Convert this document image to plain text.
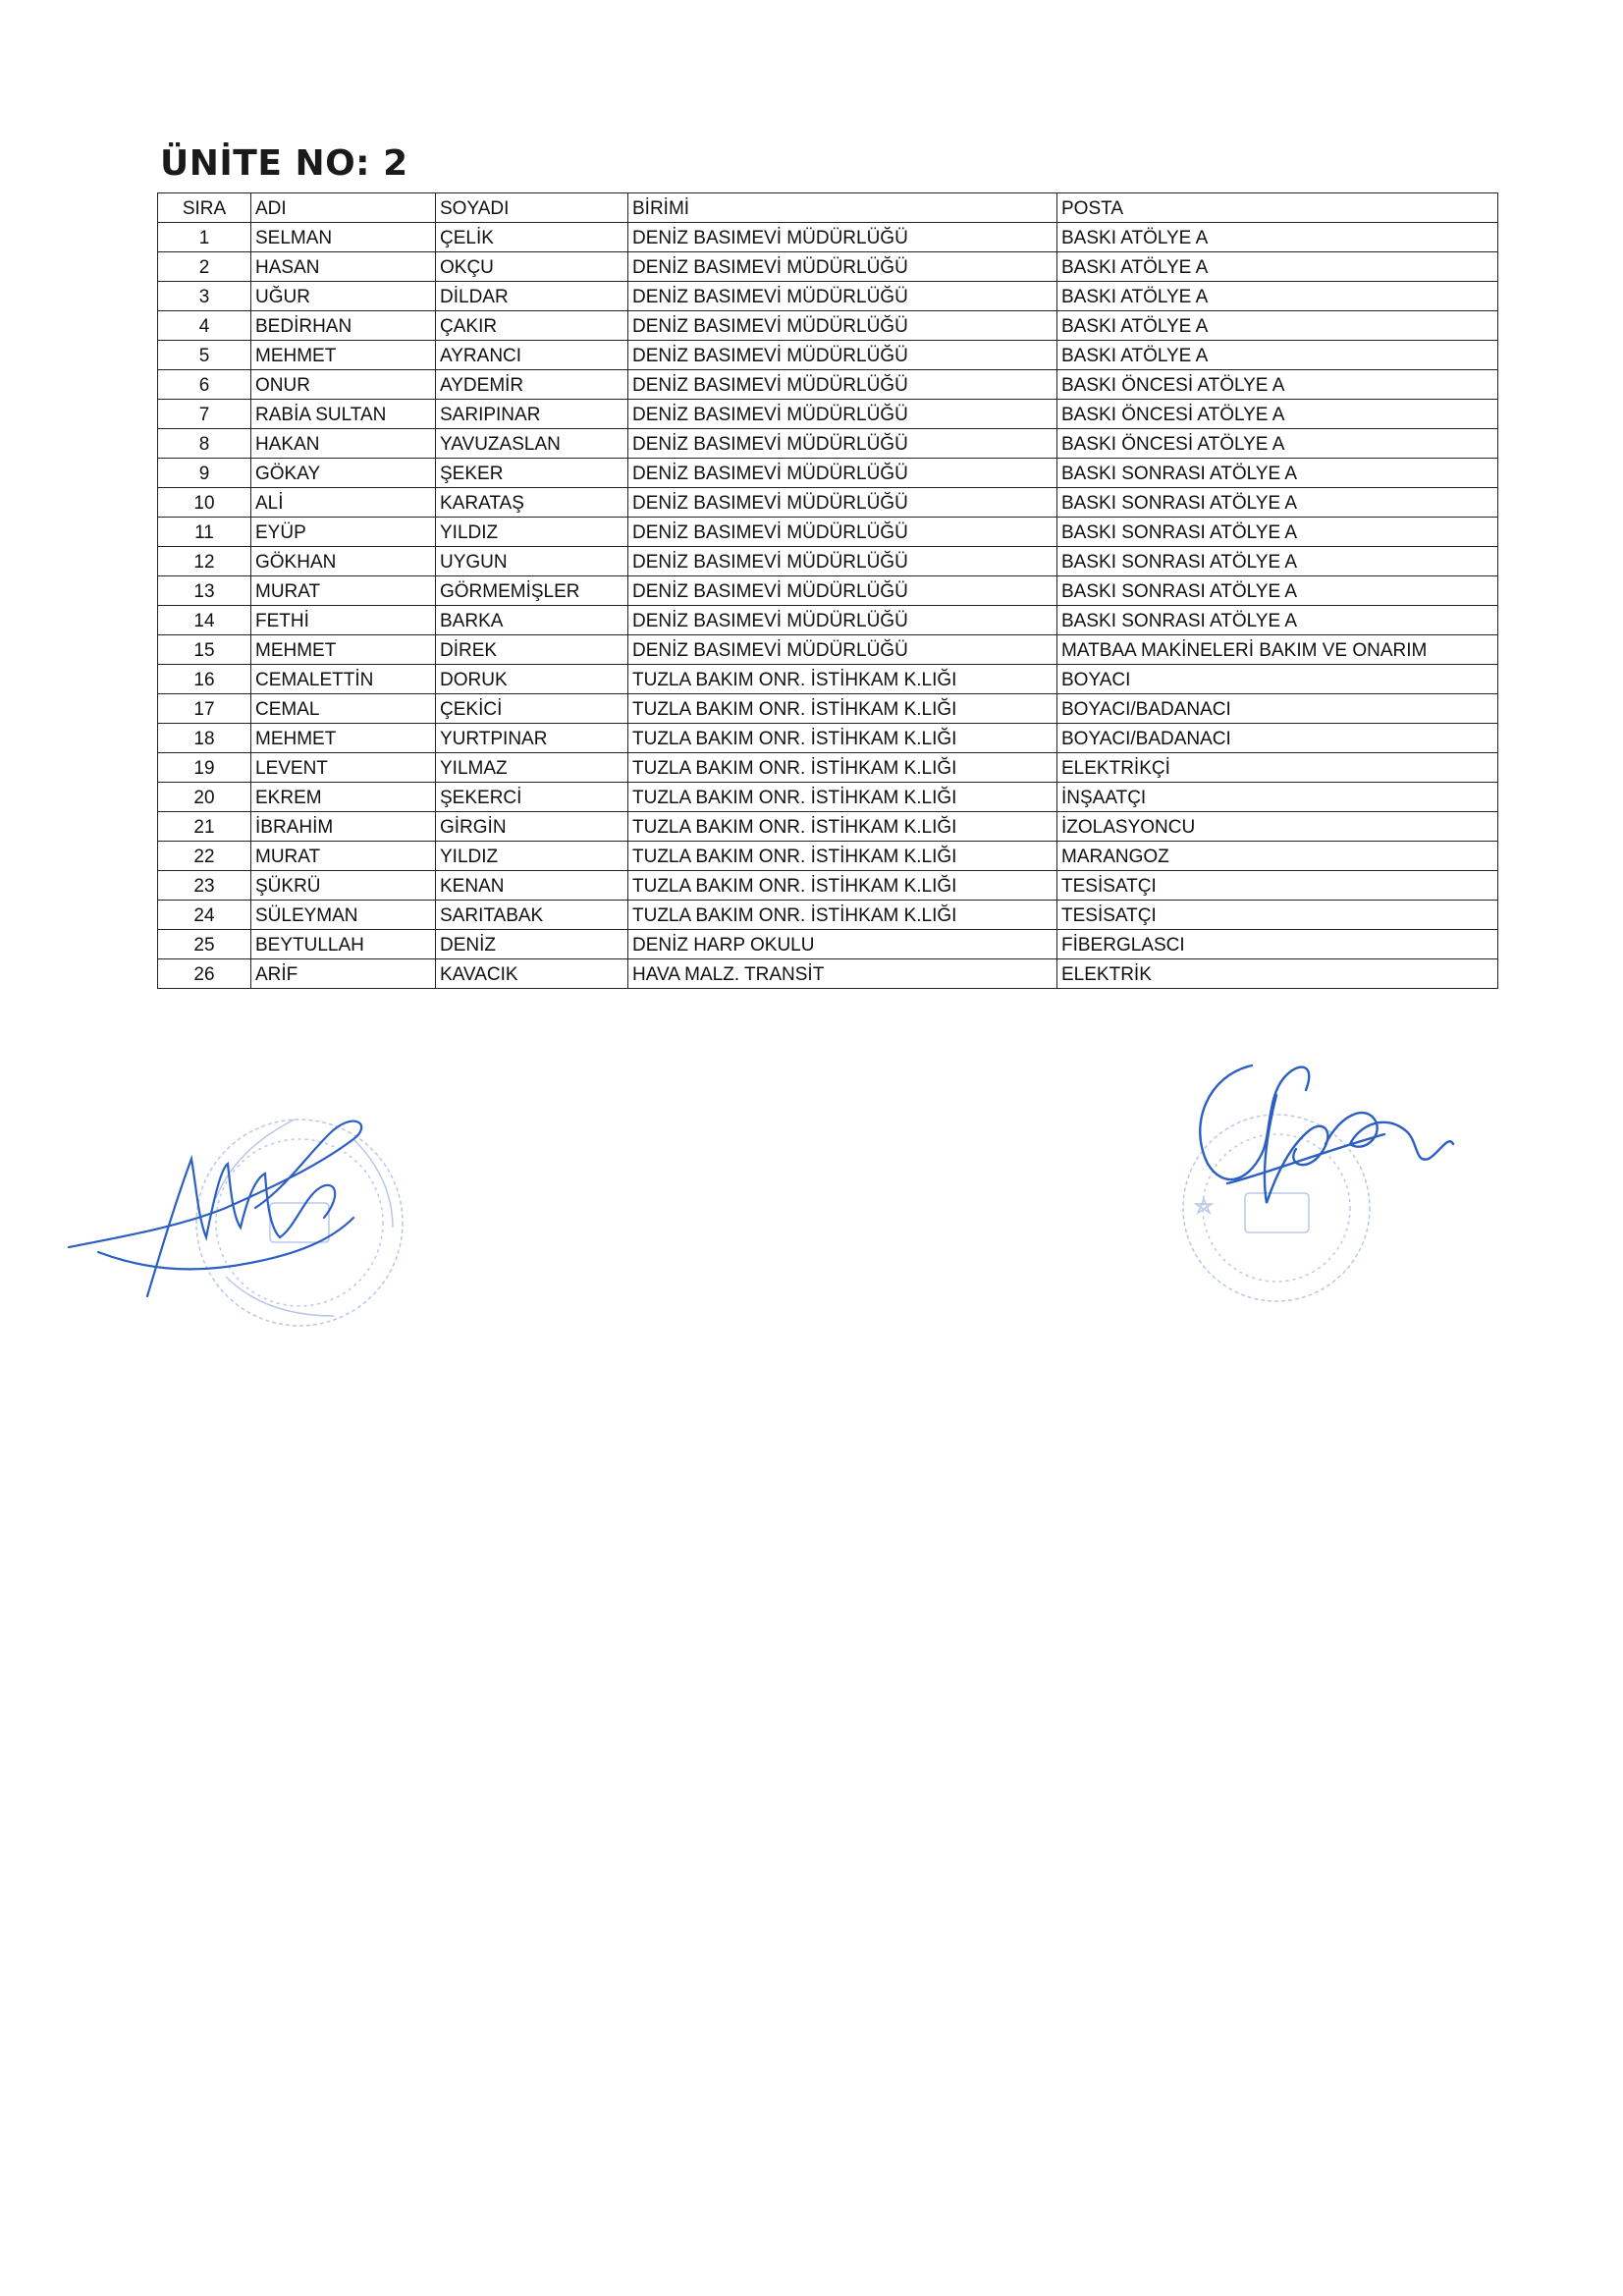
ÜNİTE NO: 2
SIRA	ADI	SOYADI	BİRİMİ	POSTA
1	SELMAN	ÇELİK	DENİZ BASIMEVİ MÜDÜRLÜĞÜ	BASKI ATÖLYE A
2	HASAN	OKÇU	DENİZ BASIMEVİ MÜDÜRLÜĞÜ	BASKI ATÖLYE A
3	UĞUR	DİLDAR	DENİZ BASIMEVİ MÜDÜRLÜĞÜ	BASKI ATÖLYE A
4	BEDİRHAN	ÇAKIR	DENİZ BASIMEVİ MÜDÜRLÜĞÜ	BASKI ATÖLYE A
5	MEHMET	AYRANCI	DENİZ BASIMEVİ MÜDÜRLÜĞÜ	BASKI ATÖLYE A
6	ONUR	AYDEMİR	DENİZ BASIMEVİ MÜDÜRLÜĞÜ	BASKI ÖNCESİ ATÖLYE A
7	RABİA SULTAN	SARIPINAR	DENİZ BASIMEVİ MÜDÜRLÜĞÜ	BASKI ÖNCESİ ATÖLYE A
8	HAKAN	YAVUZASLAN	DENİZ BASIMEVİ MÜDÜRLÜĞÜ	BASKI ÖNCESİ ATÖLYE A
9	GÖKAY	ŞEKER	DENİZ BASIMEVİ MÜDÜRLÜĞÜ	BASKI SONRASI ATÖLYE A
10	ALİ	KARATAŞ	DENİZ BASIMEVİ MÜDÜRLÜĞÜ	BASKI SONRASI ATÖLYE A
11	EYÜP	YILDIZ	DENİZ BASIMEVİ MÜDÜRLÜĞÜ	BASKI SONRASI ATÖLYE A
12	GÖKHAN	UYGUN	DENİZ BASIMEVİ MÜDÜRLÜĞÜ	BASKI SONRASI ATÖLYE A
13	MURAT	GÖRMEMİŞLER	DENİZ BASIMEVİ MÜDÜRLÜĞÜ	BASKI SONRASI ATÖLYE A
14	FETHİ	BARKA	DENİZ BASIMEVİ MÜDÜRLÜĞÜ	BASKI SONRASI ATÖLYE A
15	MEHMET	DİREK	DENİZ BASIMEVİ MÜDÜRLÜĞÜ	MATBAA MAKİNELERİ BAKIM VE ONARIM
16	CEMALETTİN	DORUK	TUZLA BAKIM ONR. İSTİHKAM K.LIĞI	BOYACI
17	CEMAL	ÇEKİCİ	TUZLA BAKIM ONR. İSTİHKAM K.LIĞI	BOYACI/BADANACI
18	MEHMET	YURTPINAR	TUZLA BAKIM ONR. İSTİHKAM K.LIĞI	BOYACI/BADANACI
19	LEVENT	YILMAZ	TUZLA BAKIM ONR. İSTİHKAM K.LIĞI	ELEKTRİKÇİ
20	EKREM	ŞEKERCİ	TUZLA BAKIM ONR. İSTİHKAM K.LIĞI	İNŞAATÇI
21	İBRAHİM	GİRGİN	TUZLA BAKIM ONR. İSTİHKAM K.LIĞI	İZOLASYONCU
22	MURAT	YILDIZ	TUZLA BAKIM ONR. İSTİHKAM K.LIĞI	MARANGOZ
23	ŞÜKRÜ	KENAN	TUZLA BAKIM ONR. İSTİHKAM K.LIĞI	TESİSATÇI
24	SÜLEYMAN	SARITABAK	TUZLA BAKIM ONR. İSTİHKAM K.LIĞI	TESİSATÇI
25	BEYTULLAH	DENİZ	DENİZ HARP OKULU	FİBERGLASCI
26	ARİF	KAVACIK	HAVA MALZ. TRANSİT	ELEKTRİK
